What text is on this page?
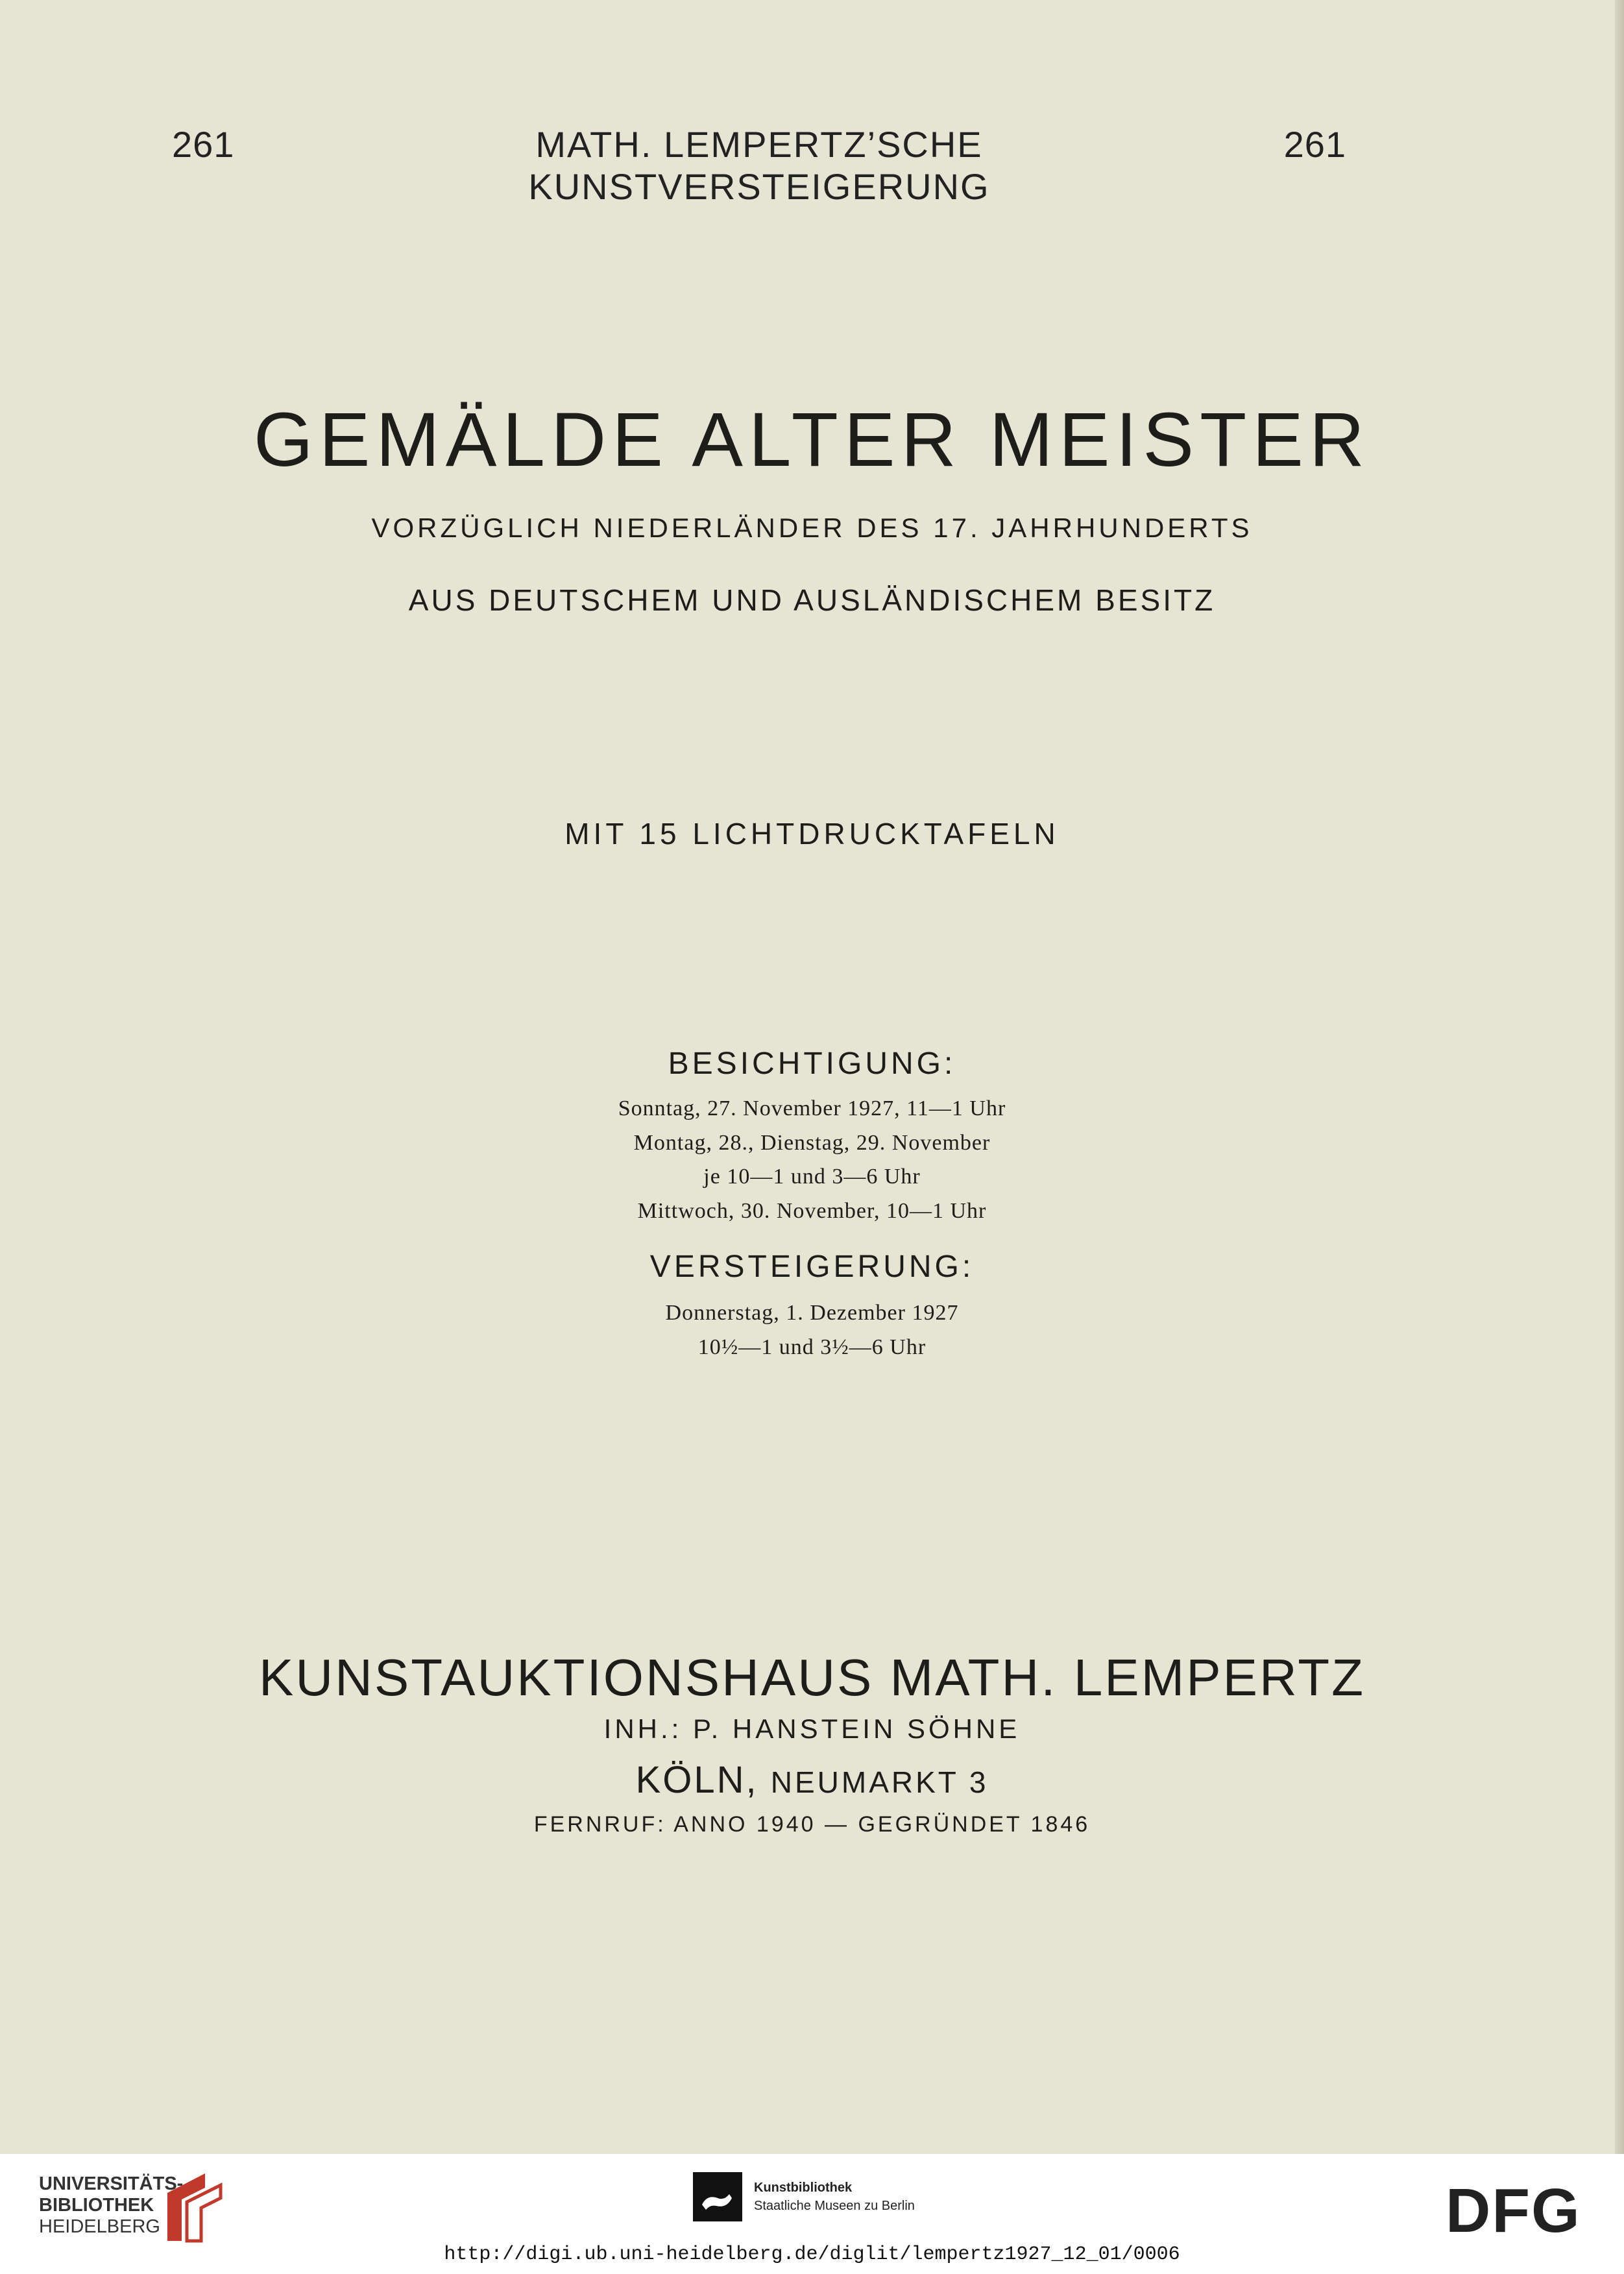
261	MATH. LEMPERTZ’SCHE KUNSTVERSTEIGERUNG
261
GEMÄLDE ALTER MEISTER
VORZÜGLICH NIEDERLÄNDER DES 17. JAHRHUNDERTS
AUS DEUTSCHEM UND AUSLÄNDISCHEM BESITZ
MIT 15 LICHTDRUCKTAFELN
BESICHTIGUNG:
Sonntag, 27. November 1927, 11—1 Uhr
Montag, 28., Dienstag, 29. November
je 10—1 und 3—6 Uhr
Mittwoch, 30. November, 10—1 Uhr
VERSTEIGERUNG:
Donnerstag, 1. Dezember 1927
10½—1 und 3½—6 Uhr
KUNSTAUKTIONSHAUS MATH. LEMPERTZ
INH.: P. HANSTEIN SÖHNE
KÖLN, NEUMARKT 3
FERNRUF: ANNO 1940 — GEGRÜNDET 1846
UNIVERSITÄTS-
BIBLIOTHEK
HEIDELBERG
Kunstbibliothek
Staatliche Museen zu Berlin	DFG
http://digi.ub.uni-heidelberg.de/diglit/lempertz1927_12_01/0006
